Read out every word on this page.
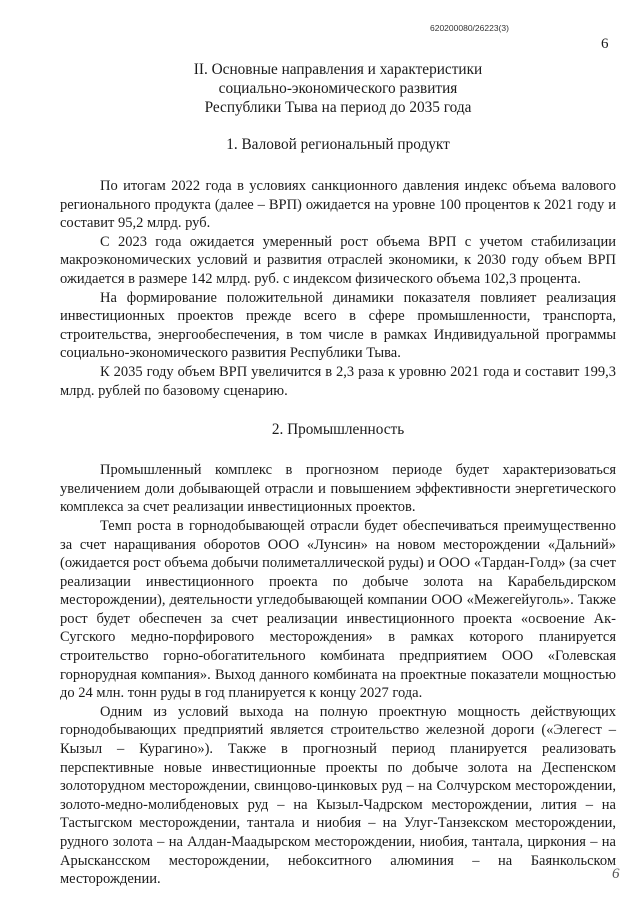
620200080/26223(3)
6
II. Основные направления и характеристики
социально-экономического развития
Республики Тыва на период до 2035 года
1. Валовой региональный продукт

По итогам 2022 года в условиях санкционного давления индекс объема валового регионального продукта (далее – ВРП) ожидается на уровне 100 процентов к 2021 году и составит 95,2 млрд. руб.

С 2023 года ожидается умеренный рост объема ВРП с учетом стабилизации макроэкономических условий и развития отраслей экономики, к 2030 году объем ВРП ожидается в размере 142 млрд. руб. с индексом физического объема 102,3 процента.

На формирование положительной динамики показателя повлияет реализация инвестиционных проектов прежде всего в сфере промышленности, транспорта, строительства, энергообеспечения, в том числе в рамках Индивидуальной программы социально-экономического развития Республики Тыва.

К 2035 году объем ВРП увеличится в 2,3 раза к уровню 2021 года и составит 199,3 млрд. рублей по базовому сценарию.

2. Промышленность

Промышленный комплекс в прогнозном периоде будет характеризоваться увеличением доли добывающей отрасли и повышением эффективности энергетического комплекса за счет реализации инвестиционных проектов.

Темп роста в горнодобывающей отрасли будет обеспечиваться преимущественно за счет наращивания оборотов ООО «Лунсин» на новом месторождении «Дальний» (ожидается рост объема добычи полиметаллической руды) и ООО «Тардан-Голд» (за счет реализации инвестиционного проекта по добыче золота на Карабельдирском месторождении), деятельности угледобывающей компании ООО «Межегейуголь». Также рост будет обеспечен за счет реализации инвестиционного проекта «освоение Ак-Сугского медно-порфирового месторождения» в рамках которого планируется строительство горно-обогатительного комбината предприятием ООО «Голевская горнорудная компания». Выход данного комбината на проектные показатели мощностью до 24 млн. тонн руды в год планируется к концу 2027 года.

Одним из условий выхода на полную проектную мощность действующих горнодобывающих предприятий является строительство железной дороги («Элегест – Кызыл – Курагино»). Также в прогнозный период планируется реализовать перспективные новые инвестиционные проекты по добыче золота на Деспенском золоторудном месторождении, свинцово-цинковых руд – на Солчурском месторождении, золото-медно-молибденовых руд – на Кызыл-Чадрском месторождении, лития – на Тастыгском месторождении, тантала и ниобия – на Улуг-Танзекском месторождении, рудного золота – на Алдан-Маадырском месторождении, ниобия, тантала, циркония – на Арыскансском месторождении, небокситного алюминия – на Баянкольском месторождении.	6
